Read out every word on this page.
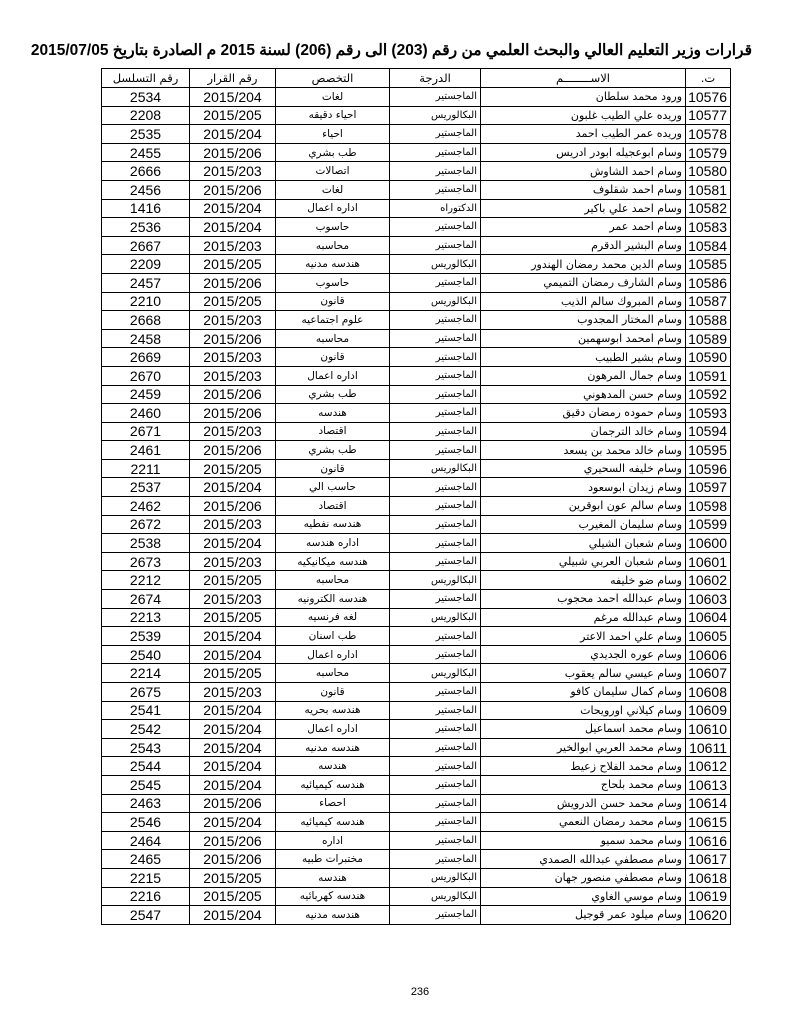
قرارات وزير التعليم العالي والبحث العلمي من رقم (203) الى رقم (206) لسنة 2015 م الصادرة بتاريخ 2015/07/05
ت.	الاســــــــم	الدرجة	التخصص	رقم القرار	رقم التسلسل
10576	ورود محمد سلطان	الماجستير	لغات	2015/204	2534
10577	وريده علي الطيب غلبون	البكالوريس	احياء دقيقه	2015/205	2208
10578	وريده عمر الطيب احمد	الماجستير	احياء	2015/204	2535
10579	وسام ابوعجيله ابودر ادريس	الماجستير	طب بشري	2015/206	2455
10580	وسام احمد الشاوش	الماجستير	اتصالات	2015/203	2666
10581	وسام احمد شقلوف	الماجستير	لغات	2015/206	2456
10582	وسام احمد علي باكير	الدكتوراه	اداره اعمال	2015/204	1416
10583	وسام احمد عمر	الماجستير	حاسوب	2015/204	2536
10584	وسام البشير الدقرم	الماجستير	محاسبه	2015/203	2667
10585	وسام الدين محمد رمضان الهندور	البكالوريس	هندسه مدنيه	2015/205	2209
10586	وسام الشارف رمضان التميمي	الماجستير	حاسوب	2015/206	2457
10587	وسام المبروك سالم الذيب	البكالوريس	قانون	2015/205	2210
10588	وسام المختار المجدوب	الماجستير	علوم اجتماعيه	2015/203	2668
10589	وسام امحمد ابوسهمين	الماجستير	محاسبه	2015/206	2458
10590	وسام بشير الطبيب	الماجستير	قانون	2015/203	2669
10591	وسام جمال المرهون	الماجستير	اداره اعمال	2015/203	2670
10592	وسام حسن المدهوني	الماجستير	طب بشري	2015/206	2459
10593	وسام حموده رمضان دقيق	الماجستير	هندسه	2015/206	2460
10594	وسام خالد الترجمان	الماجستير	اقتصاد	2015/203	2671
10595	وسام خالد محمد بن يسعد	الماجستير	طب بشري	2015/206	2461
10596	وسام خليفه السحيري	البكالوريس	قانون	2015/205	2211
10597	وسام زيدان ابوسعود	الماجستير	حاسب الي	2015/204	2537
10598	وسام سالم عون ابوقرين	الماجستير	اقتصاد	2015/206	2462
10599	وسام سليمان المغيرب	الماجستير	هندسه نفطيه	2015/203	2672
10600	وسام شعبان الشيلي	الماجستير	اداره هندسه	2015/204	2538
10601	وسام شعبان العربي شبيلي	الماجستير	هندسه ميكانيكيه	2015/203	2673
10602	وسام ضو خليفه	البكالوريس	محاسبه	2015/205	2212
10603	وسام عبدالله احمد محجوب	الماجستير	هندسه الكترونيه	2015/203	2674
10604	وسام عبدالله مرغم	البكالوريس	لغه فرنسيه	2015/205	2213
10605	وسام علي احمد الاعتر	الماجستير	طب اسنان	2015/204	2539
10606	وسام عوره الجديدي	الماجستير	اداره اعمال	2015/204	2540
10607	وسام عيسي سالم يعقوب	البكالوريس	محاسبه	2015/205	2214
10608	وسام كمال سليمان كافو	الماجستير	قانون	2015/203	2675
10609	وسام كيلاني اورويحات	الماجستير	هندسه بحريه	2015/204	2541
10610	وسام محمد اسماعيل	الماجستير	اداره اعمال	2015/204	2542
10611	وسام محمد العربي ابوالخير	الماجستير	هندسه مدنيه	2015/204	2543
10612	وسام محمد الفلاح زعيط	الماجستير	هندسه	2015/204	2544
10613	وسام محمد بلحاج	الماجستير	هندسه كيميائيه	2015/204	2545
10614	وسام محمد حسن الدرويش	الماجستير	احصاء	2015/206	2463
10615	وسام محمد رمضان النعمي	الماجستير	هندسه كيميائيه	2015/204	2546
10616	وسام محمد سميو	الماجستير	اداره	2015/206	2464
10617	وسام مصطفي عبدالله الصمدي	الماجستير	مختبرات طبيه	2015/206	2465
10618	وسام مصطفي منصور جهان	البكالوريس	هندسه	2015/205	2215
10619	وسام موسي الغاوي	البكالوريس	هندسه كهربائيه	2015/205	2216
10620	وسام ميلود عمر قوجيل	الماجستير	هندسه مدنيه	2015/204	2547
236
